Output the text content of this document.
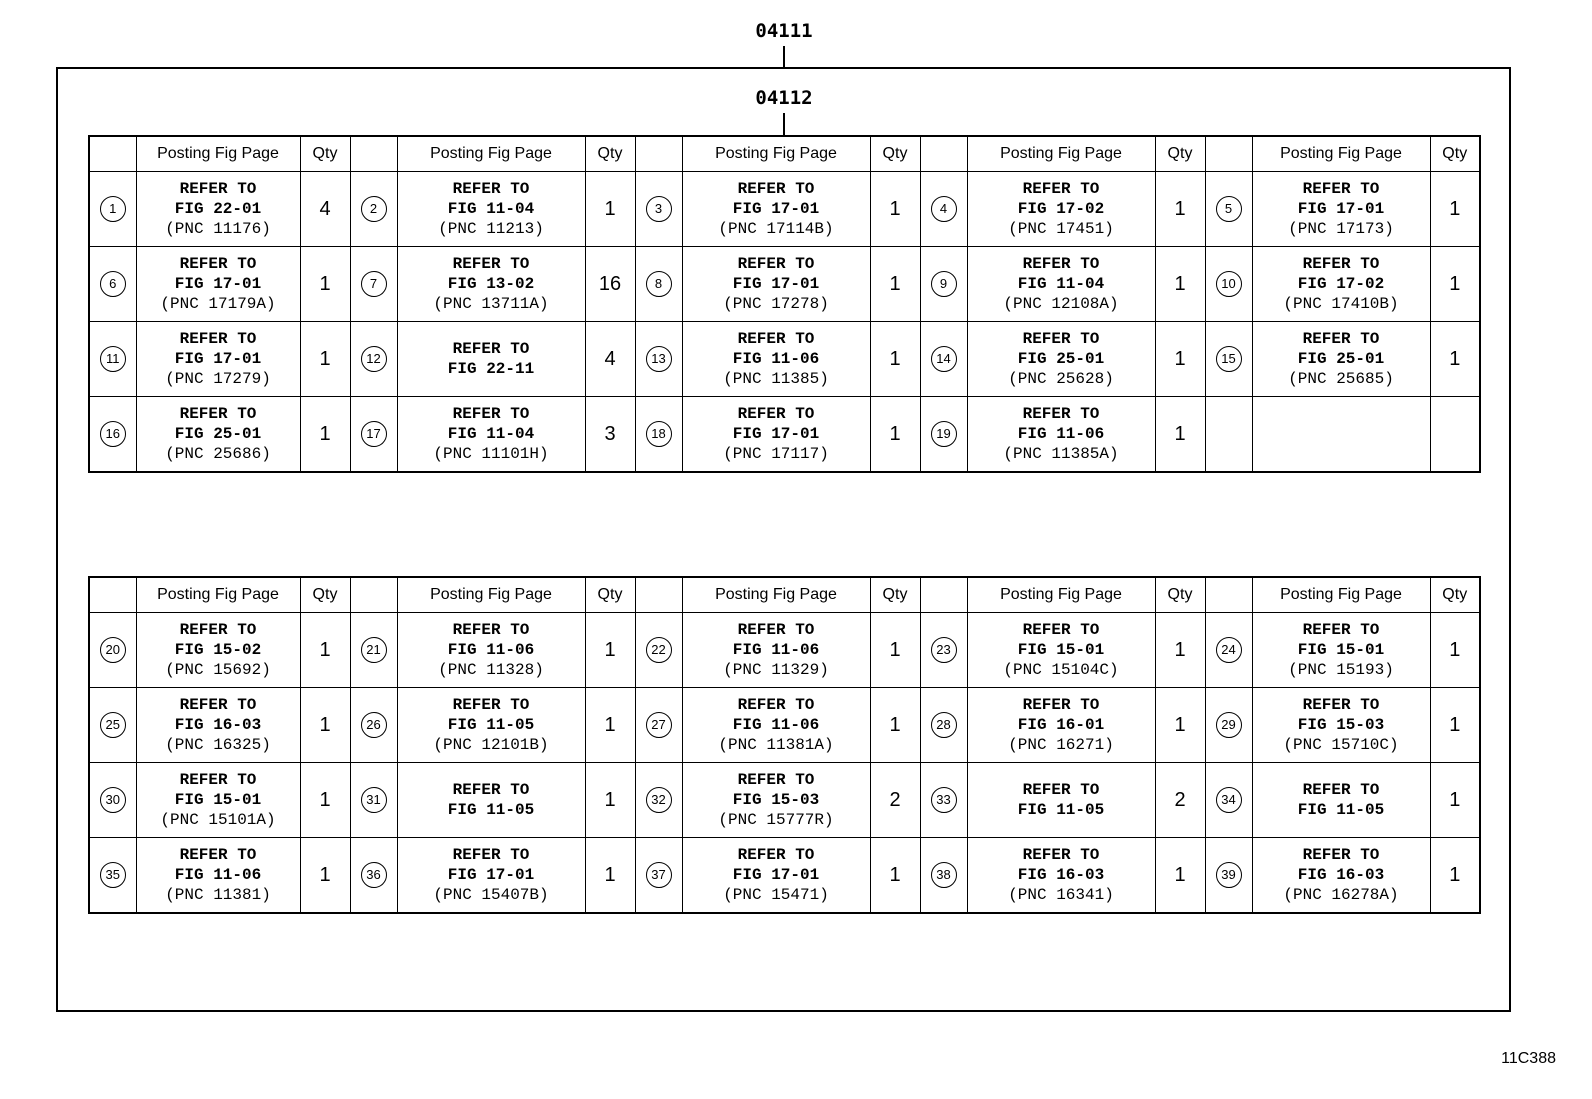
04111
04112
	Posting Fig Page	Qty		Posting Fig Page	Qty		Posting Fig Page	Qty		Posting Fig Page	Qty		Posting Fig Page	Qty
1	REFER TO
FIG 22-01
(PNC 11176)	4	2	REFER TO
FIG 11-04
(PNC 11213)	1	3	REFER TO
FIG 17-01
(PNC 17114B)	1	4	REFER TO
FIG 17-02
(PNC 17451)	1	5	REFER TO
FIG 17-01
(PNC 17173)	1
6	REFER TO
FIG 17-01
(PNC 17179A)	1	7	REFER TO
FIG 13-02
(PNC 13711A)	16	8	REFER TO
FIG 17-01
(PNC 17278)	1	9	REFER TO
FIG 11-04
(PNC 12108A)	1	10	REFER TO
FIG 17-02
(PNC 17410B)	1
11	REFER TO
FIG 17-01
(PNC 17279)	1	12	REFER TO
FIG 22-11	4	13	REFER TO
FIG 11-06
(PNC 11385)	1	14	REFER TO
FIG 25-01
(PNC 25628)	1	15	REFER TO
FIG 25-01
(PNC 25685)	1
16	REFER TO
FIG 25-01
(PNC 25686)	1	17	REFER TO
FIG 11-04
(PNC 11101H)	3	18	REFER TO
FIG 17-01
(PNC 17117)	1	19	REFER TO
FIG 11-06
(PNC 11385A)	1			
	Posting Fig Page	Qty		Posting Fig Page	Qty		Posting Fig Page	Qty		Posting Fig Page	Qty		Posting Fig Page	Qty
20	REFER TO
FIG 15-02
(PNC 15692)	1	21	REFER TO
FIG 11-06
(PNC 11328)	1	22	REFER TO
FIG 11-06
(PNC 11329)	1	23	REFER TO
FIG 15-01
(PNC 15104C)	1	24	REFER TO
FIG 15-01
(PNC 15193)	1
25	REFER TO
FIG 16-03
(PNC 16325)	1	26	REFER TO
FIG 11-05
(PNC 12101B)	1	27	REFER TO
FIG 11-06
(PNC 11381A)	1	28	REFER TO
FIG 16-01
(PNC 16271)	1	29	REFER TO
FIG 15-03
(PNC 15710C)	1
30	REFER TO
FIG 15-01
(PNC 15101A)	1	31	REFER TO
FIG 11-05	1	32	REFER TO
FIG 15-03
(PNC 15777R)	2	33	REFER TO
FIG 11-05	2	34	REFER TO
FIG 11-05	1
35	REFER TO
FIG 11-06
(PNC 11381)	1	36	REFER TO
FIG 17-01
(PNC 15407B)	1	37	REFER TO
FIG 17-01
(PNC 15471)	1	38	REFER TO
FIG 16-03
(PNC 16341)	1	39	REFER TO
FIG 16-03
(PNC 16278A)	1
11C388
